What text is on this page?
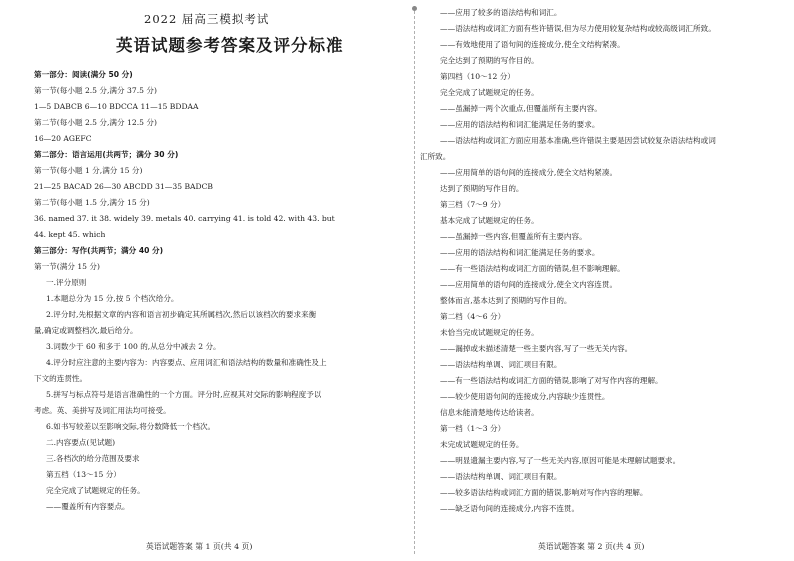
2022 届高三模拟考试
英语试题参考答案及评分标准
第一部分：阅读(满分 50 分)
第一节(每小题 2.5 分,满分 37.5 分)
1—5 DABCB 6—10 BDCCA 11—15 BDDAA
第二节(每小题 2.5 分,满分 12.5 分)
16—20 AGEFC
第二部分：语言运用(共两节；满分 30 分)
第一节(每小题 1 分,满分 15 分)
21—25 BACAD 26—30 ABCDD 31—35 BADCB
第二节(每小题 1.5 分,满分 15 分)
36. named 37. it 38. widely 39. metals 40. carrying 41. is told 42. with 43. but
44. kept 45. which
第三部分：写作(共两节；满分 40 分)
第一节(满分 15 分)
一.评分原则
1.本题总分为 15 分,按 5 个档次给分。
2.评分时,先根据文章的内容和语言初步确定其所属档次,然后以该档次的要求来衡
量,确定或调整档次,最后给分。
3.词数少于 60 和多于 100 的,从总分中减去 2 分。
4.评分时应注意的主要内容为：内容要点、应用词汇和语法结构的数量和准确性及上
下文的连贯性。
5.拼写与标点符号是语言准确性的一个方面。评分时,应视其对交际的影响程度予以
考虑。英、美拼写及词汇用法均可接受。
6.如书写较差以至影响交际,将分数降低一个档次。
二.内容要点(见试题)
三.各档次的给分范围及要求
第五档（13～15 分）
完全完成了试题规定的任务。
——覆盖所有内容要点。
英语试题答案 第 1 页(共 4 页)
——应用了较多的语法结构和词汇。
——语法结构或词汇方面有些许错误,但为尽力使用较复杂结构或较高级词汇所致。
——有效地使用了语句间的连接成分,使全文结构紧凑。
完全达到了预期的写作目的。
第四档（10～12 分）
完全完成了试题规定的任务。
——虽漏掉一两个次重点,但覆盖所有主要内容。
——应用的语法结构和词汇能满足任务的要求。
——语法结构或词汇方面应用基本准确,些许错误主要是因尝试较复杂语法结构或词
汇所致。
——应用简单的语句间的连接成分,使全文结构紧凑。
达到了预期的写作目的。
第三档（7～9 分）
基本完成了试题规定的任务。
——虽漏掉一些内容,但覆盖所有主要内容。
——应用的语法结构和词汇能满足任务的要求。
——有一些语法结构或词汇方面的错误,但不影响理解。
——应用简单的语句间的连接成分,使全文内容连贯。
整体而言,基本达到了预期的写作目的。
第二档（4～6 分）
未恰当完成试题规定的任务。
——漏掉或未描述清楚一些主要内容,写了一些无关内容。
——语法结构单调、词汇项目有限。
——有一些语法结构或词汇方面的错误,影响了对写作内容的理解。
——较少使用语句间的连接成分,内容缺少连贯性。
信息未能清楚地传达给读者。
第一档（1～3 分）
未完成试题规定的任务。
——明显遗漏主要内容,写了一些无关内容,原因可能是未理解试题要求。
——语法结构单调、词汇项目有限。
——较多语法结构或词汇方面的错误,影响对写作内容的理解。
——缺乏语句间的连接成分,内容不连贯。
英语试题答案 第 2 页(共 4 页)
